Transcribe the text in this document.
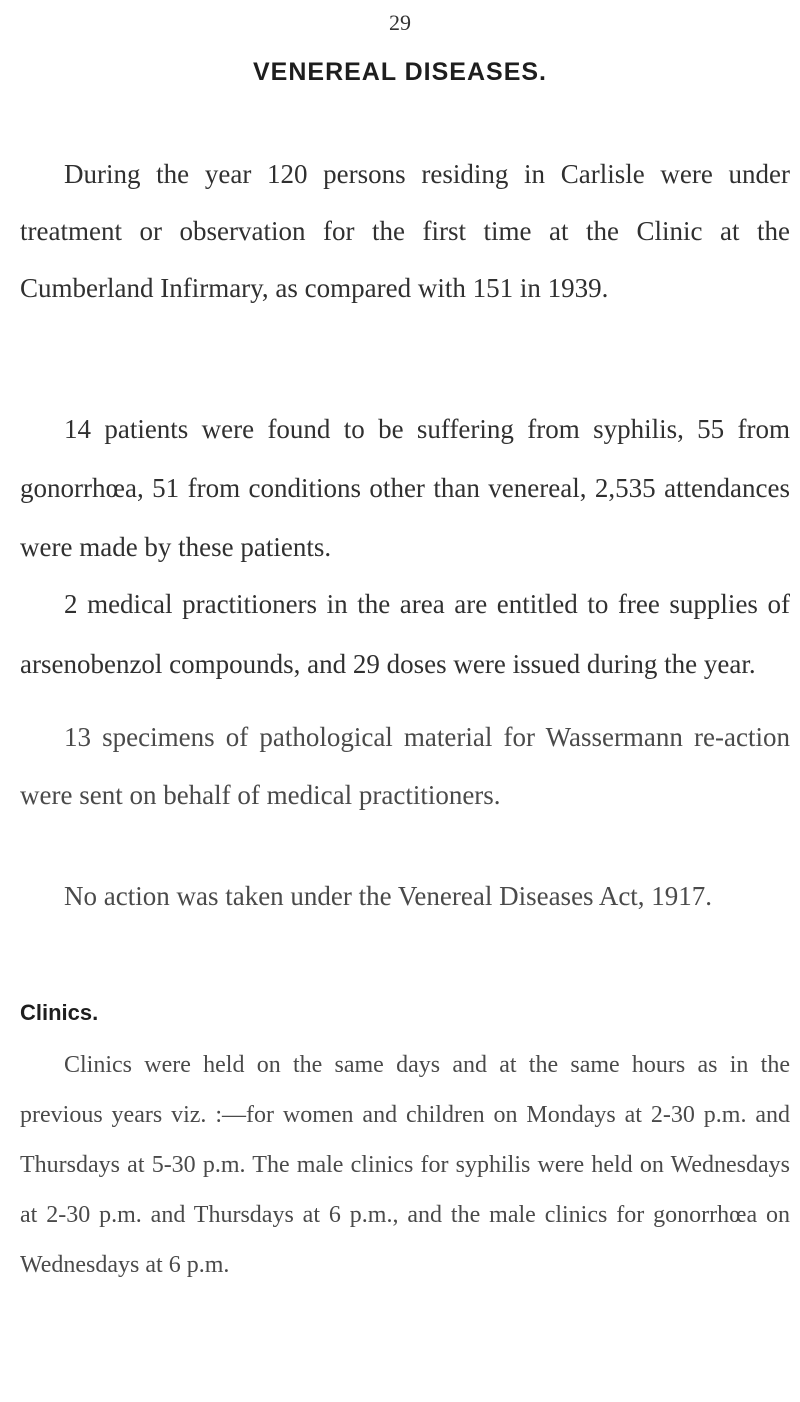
29
VENEREAL DISEASES.
During the year 120 persons residing in Carlisle were under treatment or observation for the first time at the Clinic at the Cumberland Infirmary, as compared with 151 in 1939.
14 patients were found to be suffering from syphilis, 55 from gonorrhœa, 51 from conditions other than venereal, 2,535 attendances were made by these patients.
2 medical practitioners in the area are entitled to free supplies of arsenobenzol compounds, and 29 doses were issued during the year.
13 specimens of pathological material for Wassermann re-action were sent on behalf of medical practitioners.
No action was taken under the Venereal Diseases Act, 1917.
Clinics.
Clinics were held on the same days and at the same hours as in the previous years viz. :—for women and children on Mondays at 2-30 p.m. and Thursdays at 5-30 p.m. The male clinics for syphilis were held on Wednesdays at 2-30 p.m. and Thursdays at 6 p.m., and the male clinics for gonorrhœa on Wednesdays at 6 p.m.
